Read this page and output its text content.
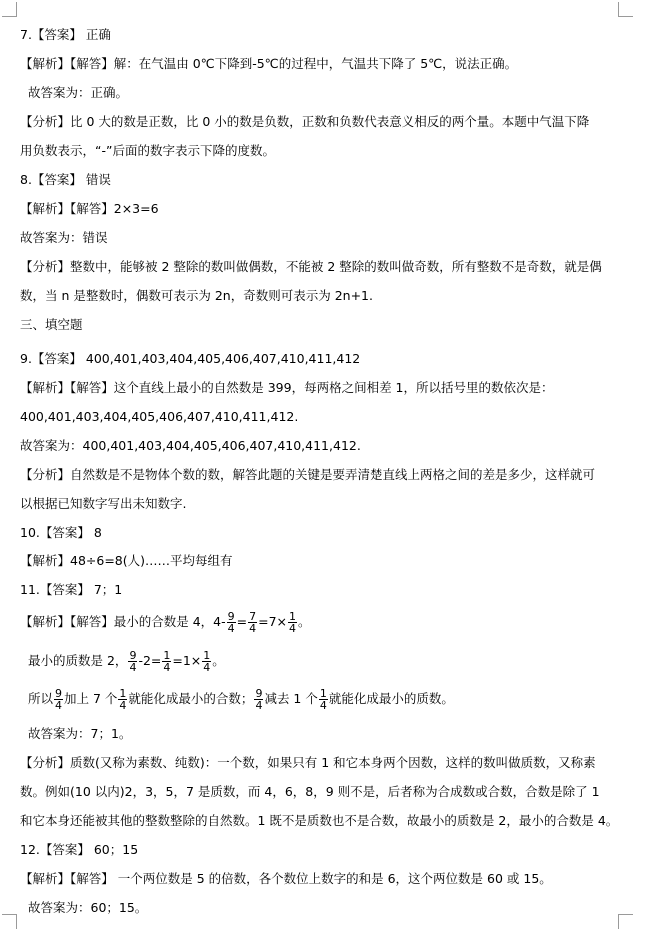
7.【答案】 正确
【解析】【解答】解：在气温由 0℃下降到-5℃的过程中，气温共下降了 5℃，说法正确。
故答案为：正确。
【分析】比 0 大的数是正数，比 0 小的数是负数，正数和负数代表意义相反的两个量。本题中气温下降
用负数表示，“-”后面的数字表示下降的度数。
8.【答案】 错误
【解析】【解答】2×3=6
故答案为：错误
【分析】整数中，能够被 2 整除的数叫做偶数，不能被 2 整除的数叫做奇数，所有整数不是奇数，就是偶
数，当 n 是整数时，偶数可表示为 2n，奇数则可表示为 2n+1.
三、填空题
9.【答案】 400,401,403,404,405,406,407,410,411,412
【解析】【解答】这个直线上最小的自然数是 399，每两格之间相差 1，所以括号里的数依次是：
400,401,403,404,405,406,407,410,411,412.
故答案为：400,401,403,404,405,406,407,410,411,412.
【分析】自然数是不是物体个数的数，解答此题的关键是要弄清楚直线上两格之间的差是多少，这样就可
以根据已知数字写出未知数字.
10.【答案】 8
【解析】48÷6=8(人)……平均每组有
11.【答案】 7；1
【解析】【解答】最小的合数是 4，$4- \frac{9}{4} = \frac{7}{4} =7\times \frac{1}{4}$ 。
最小的质数是 2， $\frac{9}{4} -2= \frac{1}{4} =1\times \frac{1}{4}$ 。
所以 $\frac{9}{4}$ 加上 7 个 $\frac{1}{4}$ 就能化成最小的合数； $\frac{9}{4}$ 减去 1 个 $\frac{1}{4}$ 就能化成最小的质数。
故答案为：7；1。
【分析】质数(又称为素数、纯数)：一个数，如果只有 1 和它本身两个因数，这样的数叫做质数，又称素
数。例如(10 以内)2，3，5，7 是质数，而 4，6，8，9 则不是，后者称为合成数或合数，合数是除了 1
和它本身还能被其他的整数整除的自然数。1 既不是质数也不是合数，故最小的质数是 2，最小的合数是 4。
12.【答案】 60；15
【解析】【解答】 一个两位数是 5 的倍数，各个数位上数字的和是 6，这个两位数是 60 或 15。
故答案为：60；15。
